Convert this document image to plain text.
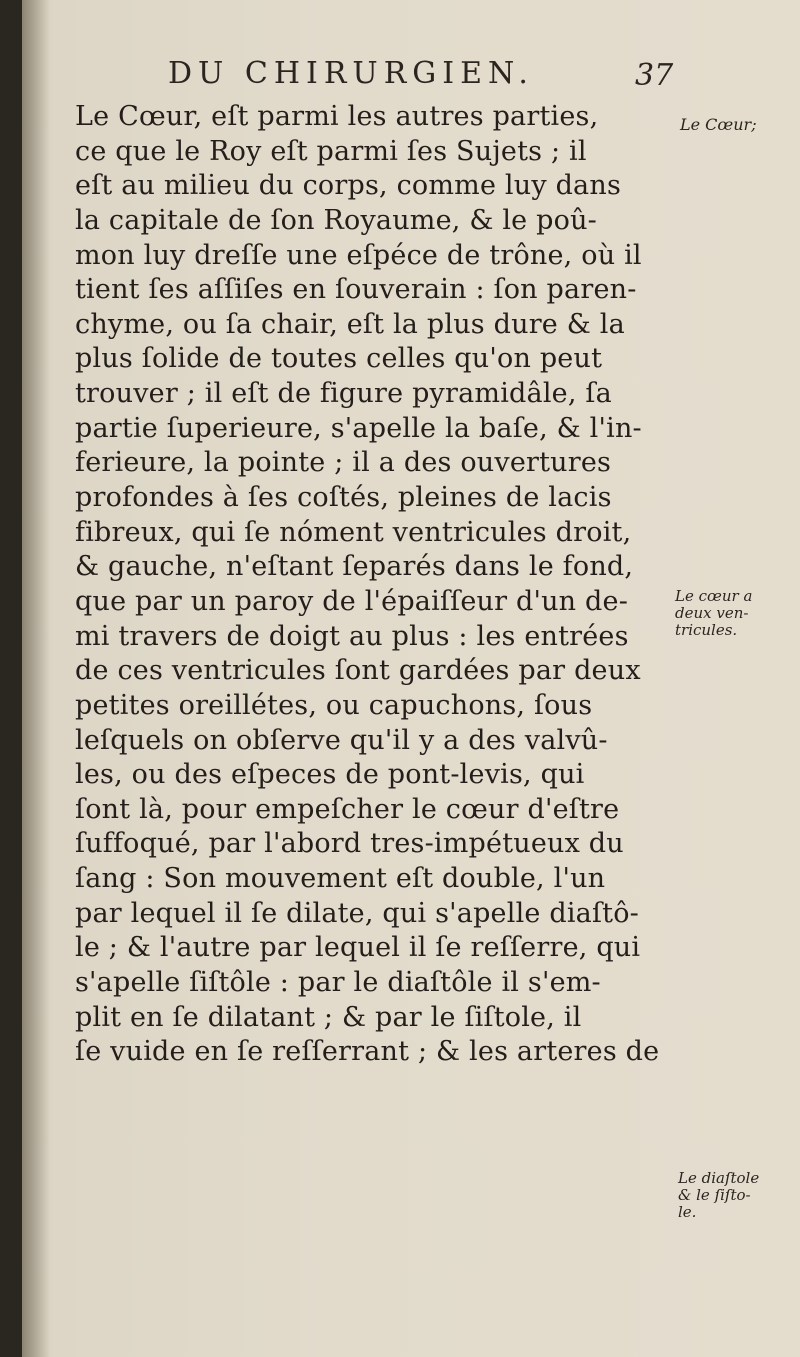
DU CHIRURGIEN.	37
Le Cœur, eſt parmi les autres parties,
ce que le Roy eſt parmi ſes Sujets ; il
eſt au milieu du corps, comme luy dans
la capitale de ſon Royaume, & le poû-
mon luy dreſſe une eſpéce de trône, où il
tient ſes aſſiſes en ſouverain : ſon paren-
chyme, ou ſa chair, eſt la plus dure & la
plus ſolide de toutes celles qu'on peut
trouver ; il eſt de figure pyramidâle, ſa
partie ſuperieure, s'apelle la baſe, & l'in-
ferieure, la pointe ; il a des ouvertures
profondes à ſes coſtés, pleines de lacis
fibreux, qui ſe nóment ventricules droit,
& gauche, n'eſtant ſeparés dans le fond,
que par un paroy de l'épaiſſeur d'un de-
mi travers de doigt au plus : les entrées
de ces ventricules ſont gardées par deux
petites oreillétes, ou capuchons, ſous
leſquels on obſerve qu'il y a des valvû-
les, ou des eſpeces de pont-levis, qui
ſont là, pour empeſcher le cœur d'eſtre
ſuffoqué, par l'abord tres-impétueux du
ſang : Son mouvement eſt double, l'un
par lequel il ſe dilate, qui s'apelle diaſtô-
le ; & l'autre par lequel il ſe reſſerre, qui
s'apelle ſiſtôle : par le diaſtôle il s'em-
plit en ſe dilatant ; & par le ſiſtole, il
ſe vuide en ſe reſſerrant ; & les arteres de
Le Cœur;
Le cœur a
deux ven-
tricules.
Le diaſtole
& le ſiſto-
le.
